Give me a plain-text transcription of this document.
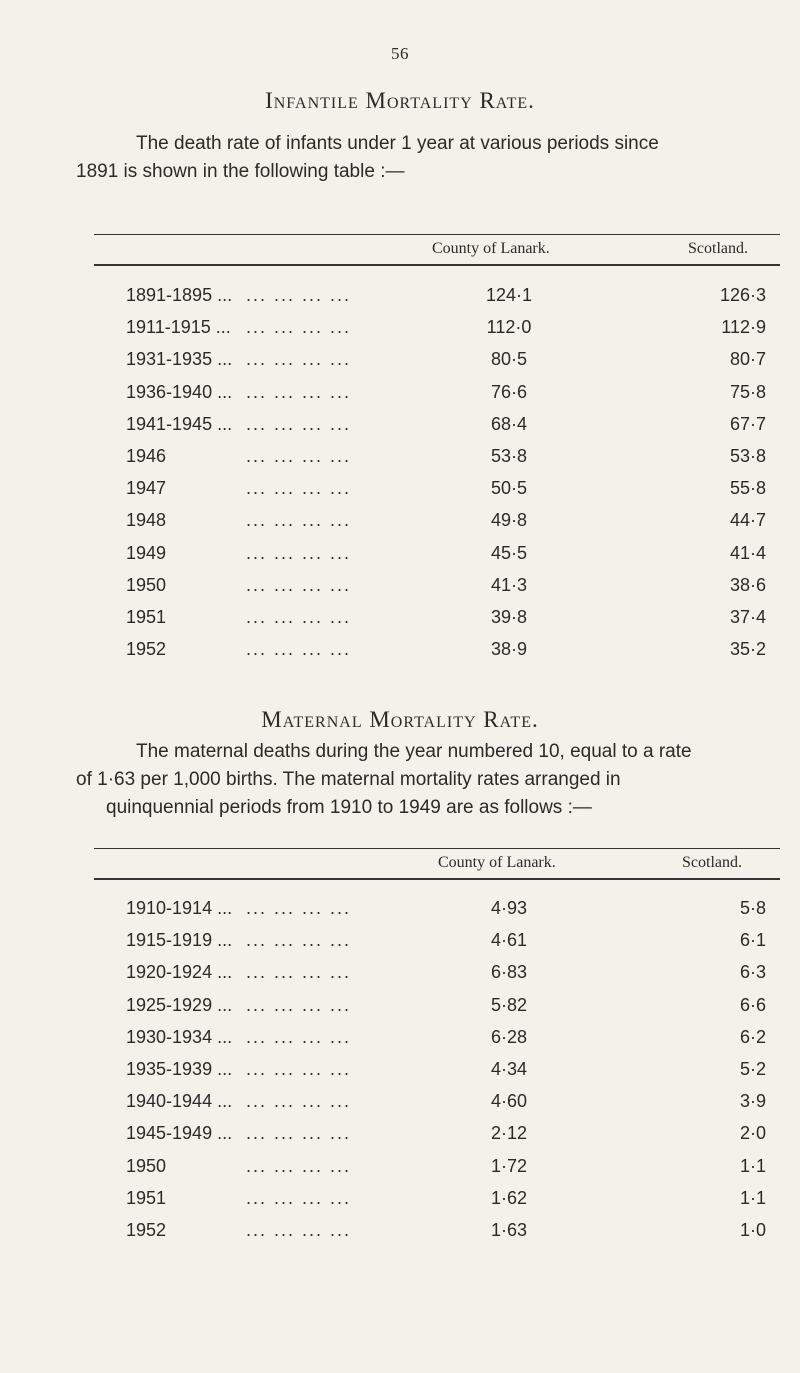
56
Infantile Mortality Rate.
The death rate of infants under 1 year at various periods since
1891 is shown in the following table :—
County of Lanark.	Scotland.
1891-1895 ... ... ... ... ...	124·1	126·3
1911-1915 ... ... ... ... ...	112·0	112·9
1931-1935 ... ... ... ... ...	80·5	80·7
1936-1940 ... ... ... ... ...	76·6	75·8
1941-1945 ... ... ... ... ...	68·4	67·7
1946	... ... ... ...	53·8	53·8
1947	... ... ... ...	50·5	55·8
1948	... ... ... ...	49·8	44·7
1949	... ... ... ...	45·5	41·4
1950	... ... ... ...	41·3	38·6
1951	... ... ... ...	39·8	37·4
1952	... ... ... ...	38·9	35·2
Maternal Mortality Rate.
The maternal deaths during the year numbered 10, equal to a rate
of 1·63 per 1,000 births. The maternal mortality rates arranged in
quinquennial periods from 1910 to 1949 are as follows :—
County of Lanark.	Scotland.
1910-1914 ... ... ... ... ...	4·93	5·8
1915-1919 ... ... ... ... ...	4·61	6·1
1920-1924 ... ... ... ... ...	6·83	6·3
1925-1929 ... ... ... ... ...	5·82	6·6
1930-1934 ... ... ... ... ...	6·28	6·2
1935-1939 ... ... ... ... ...	4·34	5·2
1940-1944 ... ... ... ... ...	4·60	3·9
1945-1949 ... ... ... ... ...	2·12	2·0
1950	... ... ... ...	1·72	1·1
1951	... ... ... ...	1·62	1·1
1952	... ... ... ...	1·63	1·0
